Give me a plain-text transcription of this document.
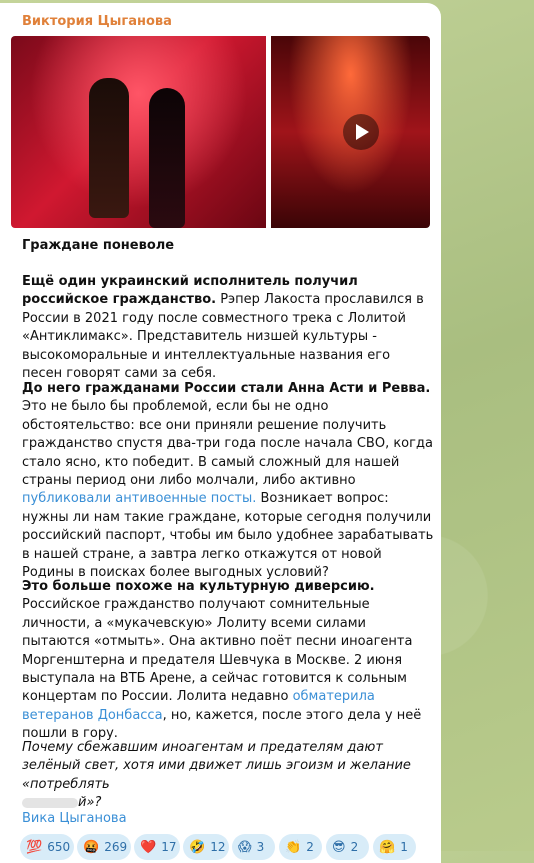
Виктория Цыганова
Граждане поневоле
Ещё один украинский исполнитель получил российское гражданство. Рэпер Лакоста прославился в России в 2021 году после совместного трека с Лолитой «Антиклимакс». Представитель низшей культуры - высокоморальные и интеллектуальные названия его песен говорят сами за себя.
До него гражданами России стали Анна Асти и Ревва. Это не было бы проблемой, если бы не одно обстоятельство: все они приняли решение получить гражданство спустя два-три года после начала СВО, когда стало ясно, кто победит. В самый сложный для нашей страны период они либо молчали, либо активно публиковали антивоенные посты. Возникает вопрос: нужны ли нам такие граждане, которые сегодня получили российский паспорт, чтобы им было удобнее зарабатывать в нашей стране, а завтра легко откажутся от новой Родины в поисках более выгодных условий?
Это больше похоже на культурную диверсию. Российское гражданство получают сомнительные личности, а «мукачевскую» Лолиту всеми силами пытаются «отмыть». Она активно поёт песни иноагента Моргенштерна и предателя Шевчука в Москве. 2 июня выступала на ВТБ Арене, а сейчас готовится к сольным концертам по России. Лолита недавно обматерила ветеранов Донбасса, но, кажется, после этого дела у неё пошли в гору.
Почему сбежавшим иноагентам и предателям дают зелёный свет, хотя ими движет лишь эгоизм и желание «потреблять
й»?
Вика Цыганова
💯 650 🤬 269 ❤️ 17 🤣 12 😱 3	👏 2	😎 2	🤗 1
